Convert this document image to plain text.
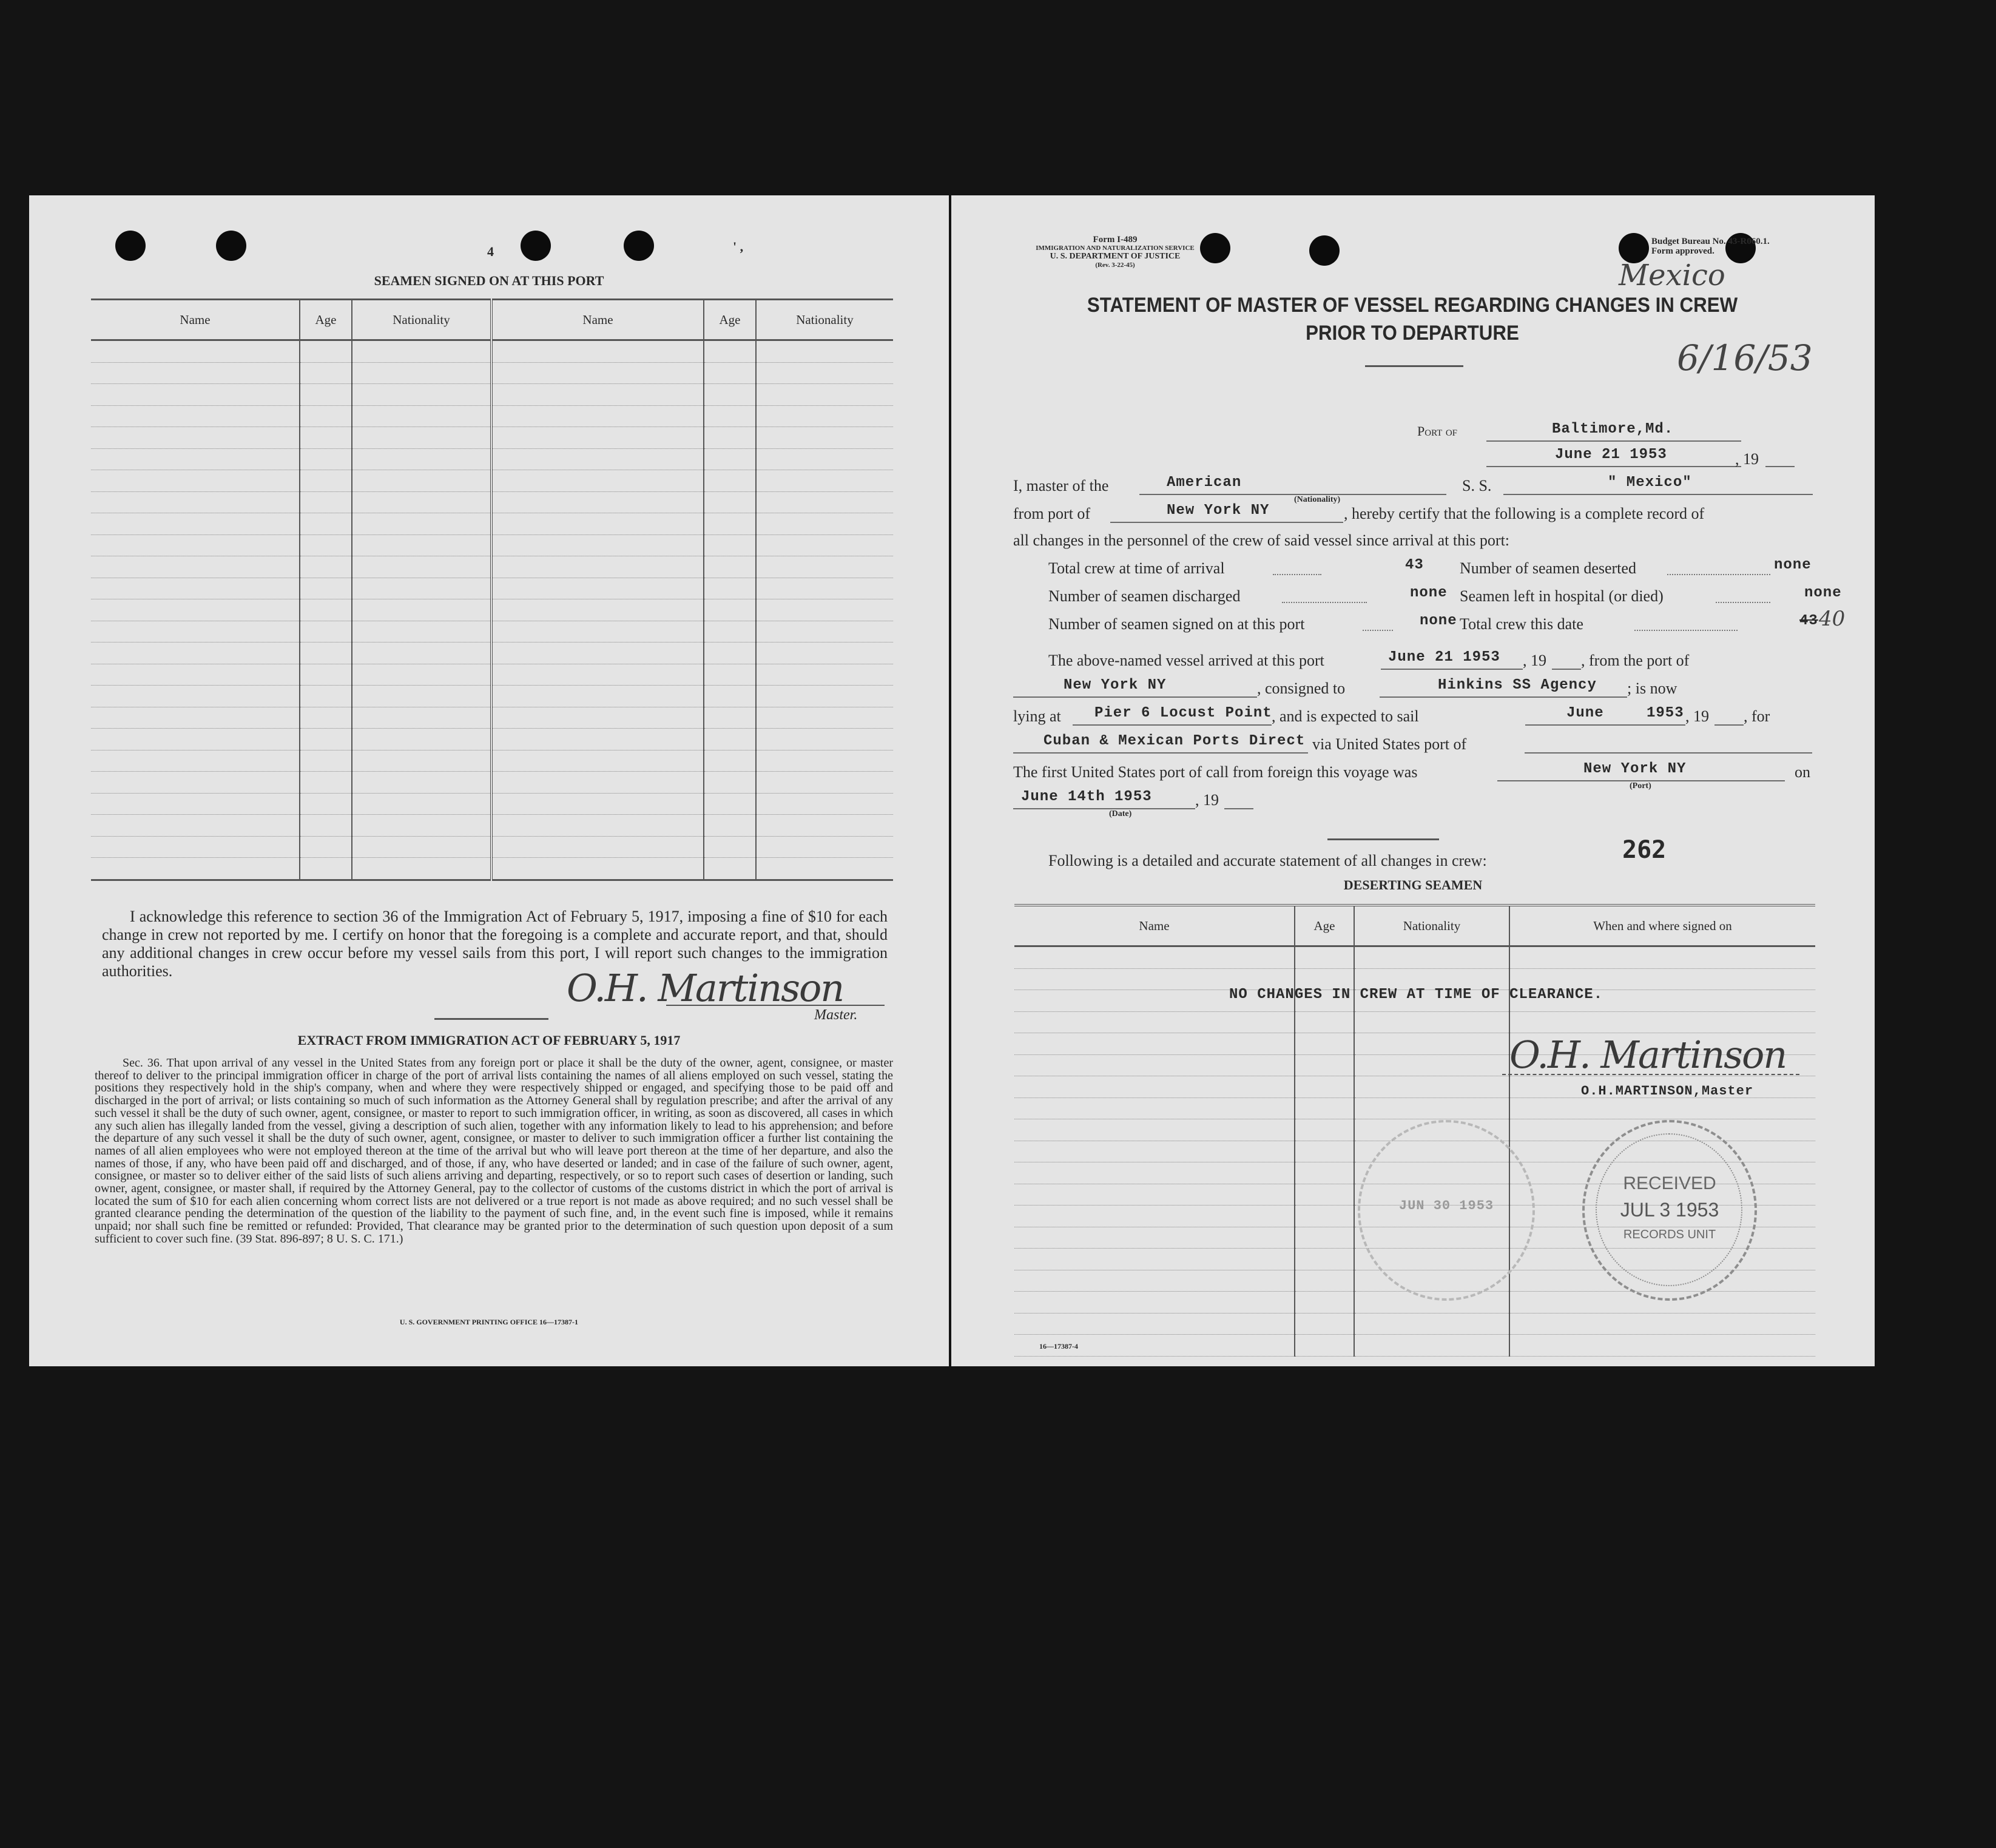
4	' ,
SEAMEN SIGNED ON AT THIS PORT
Name	Age	Nationality	Name	Age	Nationality

I acknowledge this reference to section 36 of the Immigration Act of February 5, 1917, imposing a fine of $10 for each change in crew not reported by me. I certify on honor that the foregoing is a complete and accurate report, and that, should any additional changes in crew occur before my vessel sails from this port, I will report such changes to the immigration authorities.	O.H. Martinson
Master.
EXTRACT FROM IMMIGRATION ACT OF FEBRUARY 5, 1917
Sec. 36. That upon arrival of any vessel in the United States from any foreign port or place it shall be the duty of the owner, agent, consignee, or master thereof to deliver to the principal immigration officer in charge of the port of arrival lists containing the names of all aliens employed on such vessel, stating the positions they respectively hold in the ship's company, when and where they were respectively shipped or engaged, and specifying those to be paid off and discharged in the port of arrival; or lists containing so much of such information as the Attorney General shall by regulation prescribe; and after the arrival of any such vessel it shall be the duty of such owner, agent, consignee, or master to report to such immigration officer, in writing, as soon as discovered, all cases in which any such alien has illegally landed from the vessel, giving a description of such alien, together with any information likely to lead to his apprehension; and before the departure of any such vessel it shall be the duty of such owner, agent, consignee, or master to deliver to such immigration officer a further list containing the names of all alien employees who were not employed thereon at the time of the arrival but who will leave port thereon at the time of her departure, and also the names of those, if any, who have been paid off and discharged, and of those, if any, who have deserted or landed; and in case of the failure of such owner, agent, consignee, or master so to deliver either of the said lists of such aliens arriving and departing, respectively, or so to report such cases of desertion or landing, such owner, agent, consignee, or master shall, if required by the Attorney General, pay to the collector of customs of the customs district in which the port of arrival is located the sum of $10 for each alien concerning whom correct lists are not delivered or a true report is not made as above required; and no such vessel shall be granted clearance pending the determination of the question of the liability to the payment of such fine, and, in the event such fine is imposed, while it remains unpaid; nor shall such fine be remitted or refunded: Provided, That clearance may be granted prior to the determination of such question upon deposit of a sum sufficient to cover such fine. (39 Stat. 896-897; 8 U. S. C. 171.)
U. S. GOVERNMENT PRINTING OFFICE 16—17387-1
Form I-489
IMMIGRATION AND NATURALIZATION SERVICE
U. S. DEPARTMENT OF JUSTICE
(Rev. 3-22-45)
Budget Bureau No. 43-R060.1.
Form approved.
Mexico
6/16/53
STATEMENT OF MASTER OF VESSEL REGARDING CHANGES IN CREW
PRIOR TO DEPARTURE
Port of	Baltimore,Md.
June 21 1953	, 19
I, master of the	American
(Nationality)
S. S.	" Mexico"
from port of	New York NY	, hereby certify that the following is a complete record of
all changes in the personnel of the crew of said vessel since arrival at this port:
Total crew at time of arrival	43 Number of seamen deserted	none
Number of seamen discharged	none Seamen left in hospital (or died)	none
Number of seamen signed on at this port	none Total crew this date	43 40
The above-named vessel arrived at this port	June 21 1953 , 19 , from the port of
New York NY	, consigned to	Hinkins SS Agency ; is now
lying at Pier 6 Locust Point , and is expected to sail	June	1953 , 19 , for
Cuban & Mexican Ports Direct via United States port of
The first United States port of call from foreign this voyage was	New York NY
(Port)
on
June 14th 1953	, 19
(Date)
Following is a detailed and accurate statement of all changes in crew:	262
DESERTING SEAMEN
Name	Age	Nationality	When and where signed on

NO CHANGES IN CREW AT TIME OF CLEARANCE.
O.H. Martinson
O.H.MARTINSON,Master
JUN 30 1953
RECEIVED
JUL 3 1953
RECORDS UNIT
16—17387-4
